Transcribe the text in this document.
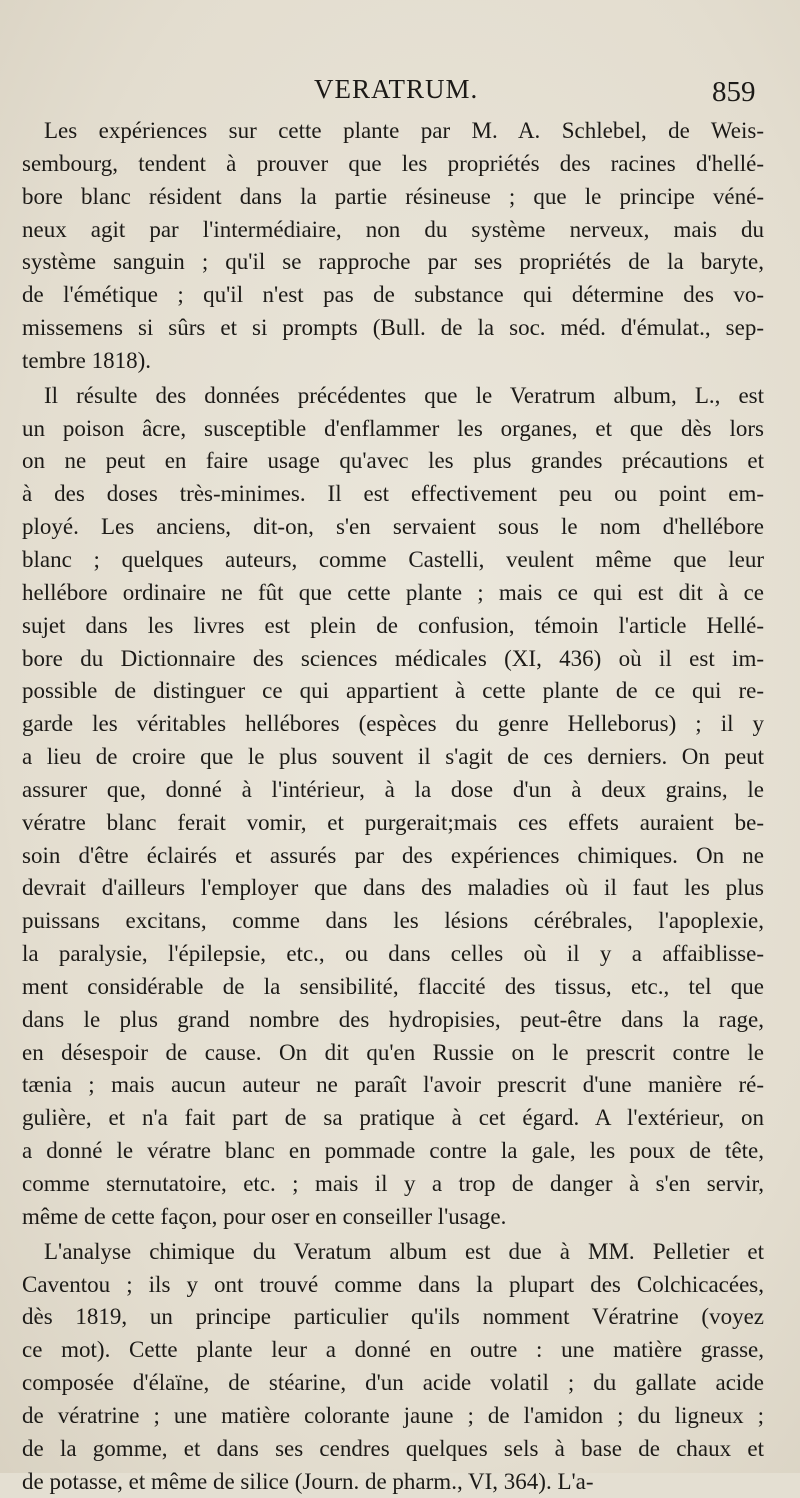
VERATRUM.	859
Les expériences sur cette plante par M. A. Schlebel, de Weis-
sembourg, tendent à prouver que les propriétés des racines d'hellé-
bore blanc résident dans la partie résineuse ; que le principe véné-
neux agit par l'intermédiaire, non du système nerveux, mais du
système sanguin ; qu'il se rapproche par ses propriétés de la baryte,
de l'émétique ; qu'il n'est pas de substance qui détermine des vo-
missemens si sûrs et si prompts (Bull. de la soc. méd. d'émulat., sep-
tembre 1818).
Il résulte des données précédentes que le Veratrum album, L., est
un poison âcre, susceptible d'enflammer les organes, et que dès lors
on ne peut en faire usage qu'avec les plus grandes précautions et
à des doses très-minimes. Il est effectivement peu ou point em-
ployé. Les anciens, dit-on, s'en servaient sous le nom d'hellébore
blanc ; quelques auteurs, comme Castelli, veulent même que leur
hellébore ordinaire ne fût que cette plante ; mais ce qui est dit à ce
sujet dans les livres est plein de confusion, témoin l'article Hellé-
bore du Dictionnaire des sciences médicales (XI, 436) où il est im-
possible de distinguer ce qui appartient à cette plante de ce qui re-
garde les véritables hellébores (espèces du genre Helleborus) ; il y
a lieu de croire que le plus souvent il s'agit de ces derniers. On peut
assurer que, donné à l'intérieur, à la dose d'un à deux grains, le
vératre blanc ferait vomir, et purgerait;mais ces effets auraient be-
soin d'être éclairés et assurés par des expériences chimiques. On ne
devrait d'ailleurs l'employer que dans des maladies où il faut les plus
puissans excitans, comme dans les lésions cérébrales, l'apoplexie,
la paralysie, l'épilepsie, etc., ou dans celles où il y a affaiblisse-
ment considérable de la sensibilité, flaccité des tissus, etc., tel que
dans le plus grand nombre des hydropisies, peut-être dans la rage,
en désespoir de cause. On dit qu'en Russie on le prescrit contre le
tænia ; mais aucun auteur ne paraît l'avoir prescrit d'une manière ré-
gulière, et n'a fait part de sa pratique à cet égard. A l'extérieur, on
a donné le vératre blanc en pommade contre la gale, les poux de tête,
comme sternutatoire, etc. ; mais il y a trop de danger à s'en servir,
même de cette façon, pour oser en conseiller l'usage.
L'analyse chimique du Veratum album est due à MM. Pelletier et
Caventou ; ils y ont trouvé comme dans la plupart des Colchicacées,
dès 1819, un principe particulier qu'ils nomment Vératrine (voyez
ce mot). Cette plante leur a donné en outre : une matière grasse,
composée d'élaïne, de stéarine, d'un acide volatil ; du gallate acide
de vératrine ; une matière colorante jaune ; de l'amidon ; du ligneux ;
de la gomme, et dans ses cendres quelques sels à base de chaux et
de potasse, et même de silice (Journ. de pharm., VI, 364). L'a-
